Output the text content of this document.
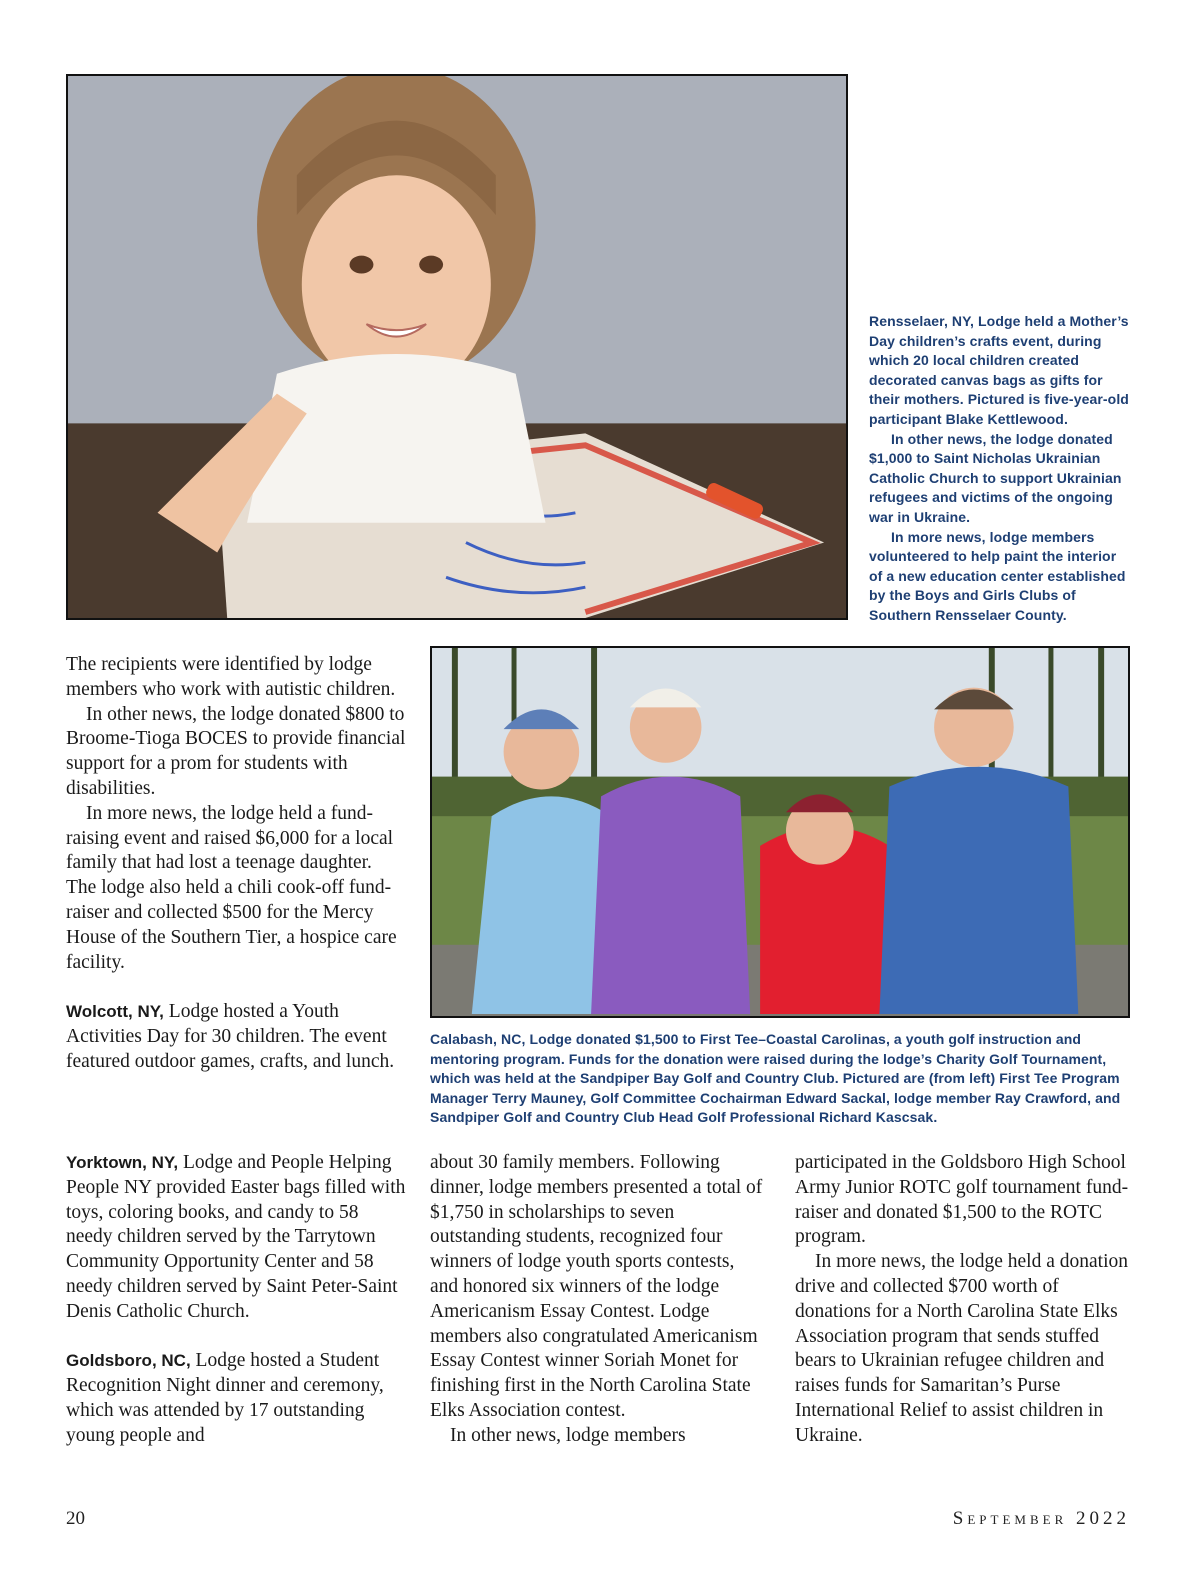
Rensselaer, NY, Lodge held a Mother’s Day children’s crafts event, during which 20 local children created decorated canvas bags as gifts for their mothers. Pictured is five-year-old participant Blake Kettlewood.

In other news, the lodge donated $1,000 to Saint Nicholas Ukrainian Catholic Church to support Ukrainian refugees and victims of the ongoing war in Ukraine.

In more news, lodge members volunteered to help paint the interior of a new education center established by the Boys and Girls Clubs of Southern Rensselaer County.

Calabash, NC, Lodge donated $1,500 to First Tee–Coastal Carolinas, a youth golf instruction and mentoring program. Funds for the donation were raised during the lodge’s Charity Golf Tournament, which was held at the Sandpiper Bay Golf and Country Club. Pictured are (from left) First Tee Program Manager Terry Mauney, Golf Committee Cochairman Edward Sackal, lodge member Ray Crawford, and Sandpiper Golf and Country Club Head Golf Professional Richard Kascsak.

The recipients were identified by lodge members who work with autistic children.

In other news, the lodge donated $800 to Broome-Tioga BOCES to provide financial support for a prom for students with disabilities.

In more news, the lodge held a fund-raising event and raised $6,000 for a local family that had lost a teenage daughter. The lodge also held a chili cook-off fund-raiser and collected $500 for the Mercy House of the Southern Tier, a hospice care facility.

Wolcott, NY, Lodge hosted a Youth Activities Day for 30 children. The event featured outdoor games, crafts, and lunch.

Yorktown, NY, Lodge and People Helping People NY provided Easter bags filled with toys, coloring books, and candy to 58 needy children served by the Tarrytown Community Opportunity Center and 58 needy children served by Saint Peter-Saint Denis Catholic Church.

Goldsboro, NC, Lodge hosted a Student Recognition Night dinner and ceremony, which was attended by 17 outstanding young people and

about 30 family members. Following dinner, lodge members presented a total of $1,750 in scholarships to seven outstanding students, recognized four winners of lodge youth sports contests, and honored six winners of the lodge Americanism Essay Contest. Lodge members also congratulated Americanism Essay Contest winner Soriah Monet for finishing first in the North Carolina State Elks Association contest.

In other news, lodge members

participated in the Goldsboro High School Army Junior ROTC golf tournament fund-raiser and donated $1,500 to the ROTC program.

In more news, the lodge held a donation drive and collected $700 worth of donations for a North Carolina State Elks Association program that sends stuffed bears to Ukrainian refugee children and raises funds for Samaritan’s Purse International Relief to assist children in Ukraine.

20	September 2022
